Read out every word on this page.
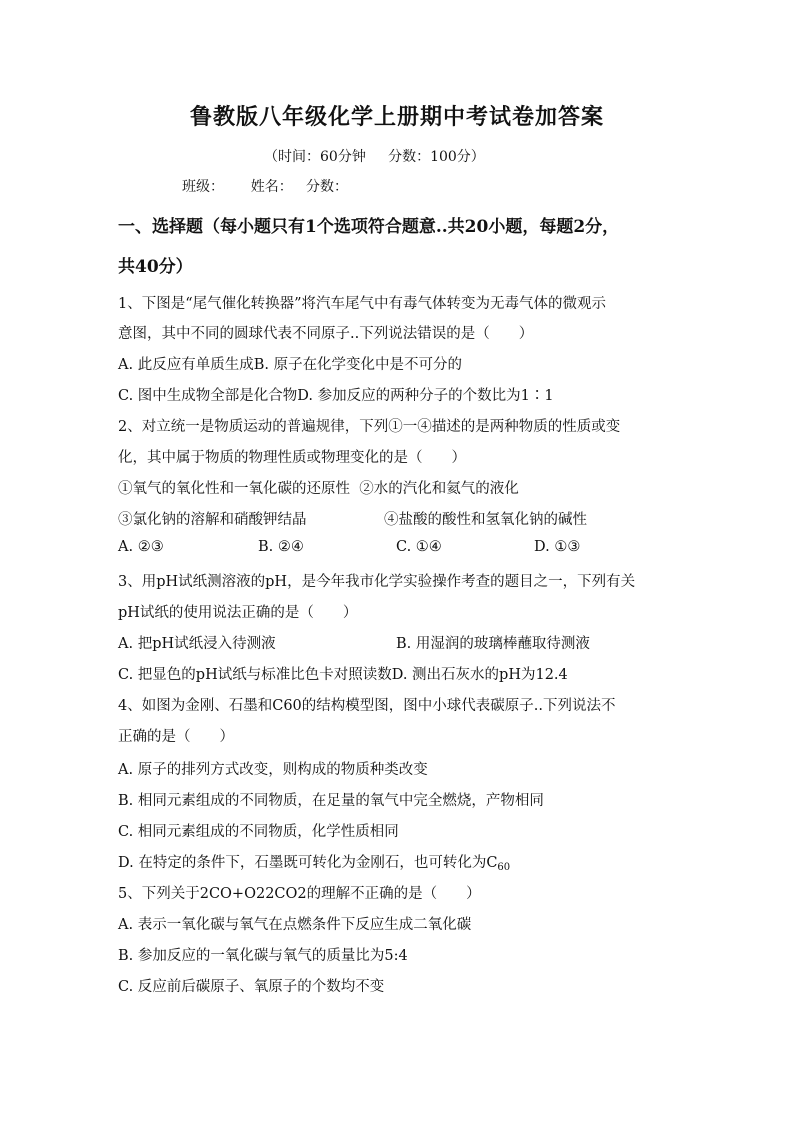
鲁教版八年级化学上册期中考试卷加答案
（时间：60分钟     分数：100分）
班级：      姓名：   分数：
一、选择题（每小题只有1个选项符合题意..共20小题，每题2分，
共40分）
1、下图是“尾气催化转换器”将汽车尾气中有毒气体转变为无毒气体的微观示
意图，其中不同的圆球代表不同原子..下列说法错误的是（　　）
A. 此反应有单质生成B. 原子在化学变化中是不可分的
C. 图中生成物全部是化合物D. 参加反应的两种分子的个数比为1∶1
2、对立统一是物质运动的普遍规律，下列①一④描述的是两种物质的性质或变
化，其中属于物质的物理性质或物理变化的是（　　）
①氧气的氧化性和一氧化碳的还原性  ②水的汽化和氦气的液化
③氯化钠的溶解和硝酸钾结晶	④盐酸的酸性和氢氧化钠的碱性
A. ②③	B. ②④	C. ①④	D. ①③
3、用pH试纸测溶液的pH，是今年我市化学实验操作考查的题目之一，下列有关
pH试纸的使用说法正确的是（　　）
A. 把pH试纸浸入待测液	B. 用湿润的玻璃棒蘸取待测液
C. 把显色的pH试纸与标准比色卡对照读数D. 测出石灰水的pH为12.4
4、如图为金刚、石墨和C60的结构模型图，图中小球代表碳原子..下列说法不
正确的是（　　）
A. 原子的排列方式改变，则构成的物质种类改变
B. 相同元素组成的不同物质，在足量的氧气中完全燃烧，产物相同
C. 相同元素组成的不同物质，化学性质相同
D. 在特定的条件下，石墨既可转化为金刚石，也可转化为$C_{60}$
5、下列关于2CO+O22CO2的理解不正确的是（　　）
A. 表示一氧化碳与氧气在点燃条件下反应生成二氧化碳
B. 参加反应的一氧化碳与氧气的质量比为5:4
C. 反应前后碳原子、氧原子的个数均不变
